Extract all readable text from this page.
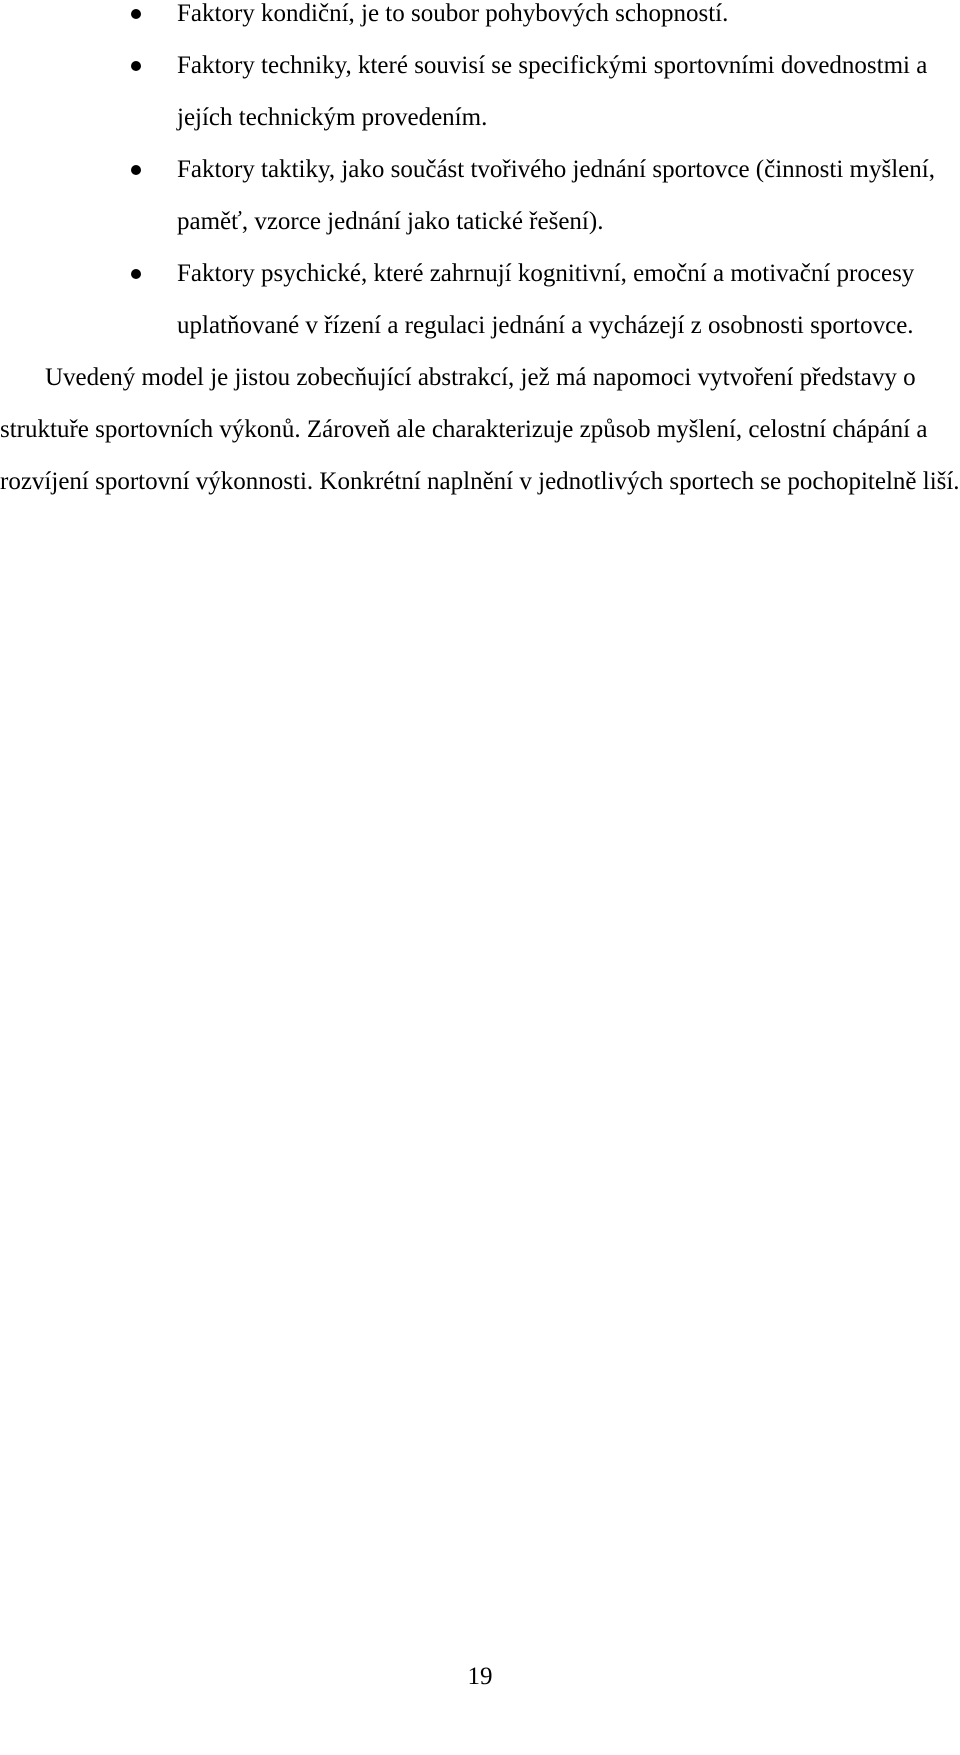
Faktory kondiční, je to soubor pohybových schopností.
Faktory techniky, které souvisí se specifickými sportovními dovednostmi a jejích technickým provedením.
Faktory taktiky, jako součást tvořivého jednání sportovce (činnosti myšlení, paměť, vzorce jednání jako tatické řešení).
Faktory psychické, které zahrnují kognitivní, emoční a motivační procesy uplatňované v řízení a regulaci jednání a vycházejí z osobnosti sportovce.

Uvedený model je jistou zobecňující abstrakcí, jež má napomoci vytvoření představy o struktuře sportovních výkonů. Zároveň ale charakterizuje způsob myšlení, celostní chápání a rozvíjení sportovní výkonnosti. Konkrétní naplnění v jednotlivých sportech se pochopitelně liší.

19
